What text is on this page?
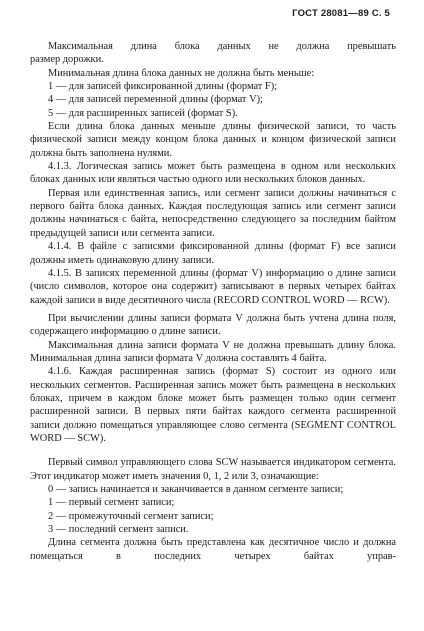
ГОСТ 28081—89 С. 5

Максимальная длина блока данных не должна превышать

размер дорожки.

Минимальная длина блока данных не должна быть меньше:

1 — для записей фиксированной длины (формат F);

4 — для записей переменной длины (формат V);

5 — для расширенных записей (формат S).

Если длина блока данных меньше длины физической записи, то часть физической записи между концом блока данных и концом физической записи должна быть заполнена нулями.

4.1.3. Логическая запись может быть размещена в одном или нескольких блоках данных или являться частью одного или нескольких блоков данных.

Первая или единственная запись, или сегмент записи должны начинаться с первого байта блока данных. Каждая последующая запись или сегмент записи должны начинаться с байта, непосредственно следующего за последним байтом предыдущей записи или сегмента записи.

4.1.4. В файле с записями фиксированной длины (формат F) все записи должны иметь одинаковую длину записи.

4.1.5. В записях переменной длины (формат V) информацию о длине записи (число символов, которое она содержит) записывают в первых четырех байтах каждой записи в виде десятичного числа (RECORD CONTROL WORD — RCW).

При вычислении длины записи формата V должна быть учтена длина поля, содержащего информацию о длине записи.

Максимальная длина записи формата V не должна превышать длину блока. Минимальная длина записи формата V должна составлять 4 байта.

4.1.6. Каждая расширенная запись (формат S) состоит из одного или нескольких сегментов. Расширенная запись может быть размещена в нескольких блоках, причем в каждом блоке может быть размещен только один сегмент расширенной записи. В первых пяти байтах каждого сегмента расширенной записи должно помещаться управляющее слово сегмента (SEGMENT CONTROL WORD — SCW).

Первый символ управляющего слова SCW называется индикатором сегмента. Этот индикатор может иметь значения 0, 1, 2 или 3, означающие:

0 — запись начинается и заканчивается в данном сегменте записи;

1 — первый сегмент записи;

2 — промежуточный сегмент записи;

3 — последний сегмент записи.

Длина сегмента должна быть представлена как десятичное число и должна помещаться в последних четырех байтах управ-
